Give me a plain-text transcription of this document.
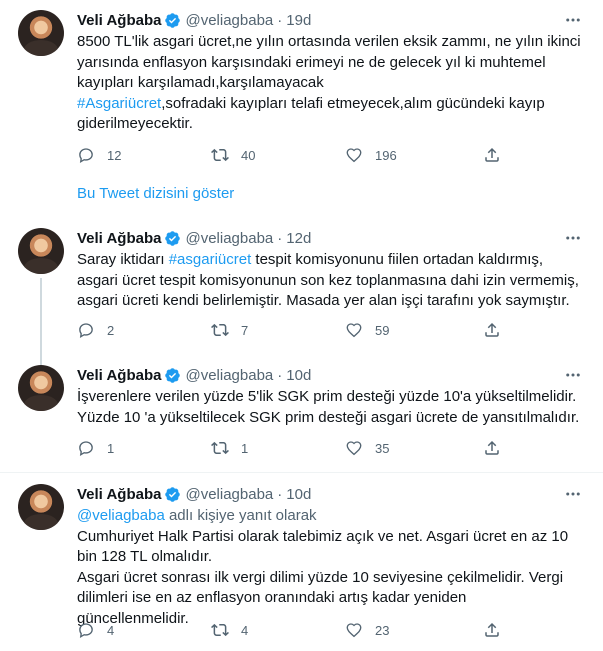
Veli Ağbaba @veliagbaba · 19d

8500 TL'lik asgari ücret,ne yılın ortasında verilen eksik zammı, ne yılın ikinci yarısında enflasyon karşısındaki erimeyi ne de gelecek yıl ki muhtemel kayıpları karşılamadı,karşılamayacak

#Asgariücret,sofradaki kayıpları telafi etmeyecek,alım gücündeki kayıp giderilmeyecektir.

12	40	196
Bu Tweet dizisini göster
Veli Ağbaba @veliagbaba · 12d

Saray iktidarı #asgariücret tespit komisyonunu fiilen ortadan kaldırmış, asgari ücret tespit komisyonunun son kez toplanmasına dahi izin vermemiş, asgari ücreti kendi belirlemiştir. Masada yer alan işçi tarafını yok saymıştır.

2	7	59
Veli Ağbaba @veliagbaba · 10d

İşverenlere verilen yüzde 5'lik SGK prim desteği yüzde 10'a yükseltilmelidir. Yüzde 10 'a yükseltilecek SGK prim desteği asgari ücrete de yansıtılmalıdır.

1	1	35
Veli Ağbaba @veliagbaba · 10d

@veliagbaba adlı kişiye yanıt olarak

Cumhuriyet Halk Partisi olarak talebimiz açık ve net. Asgari ücret en az 10 bin 128 TL olmalıdır.

Asgari ücret sonrası ilk vergi dilimi yüzde 10 seviyesine çekilmelidir. Vergi dilimleri ise en az enflasyon oranındaki artış kadar yeniden güncellenmelidir.

4	4	23
